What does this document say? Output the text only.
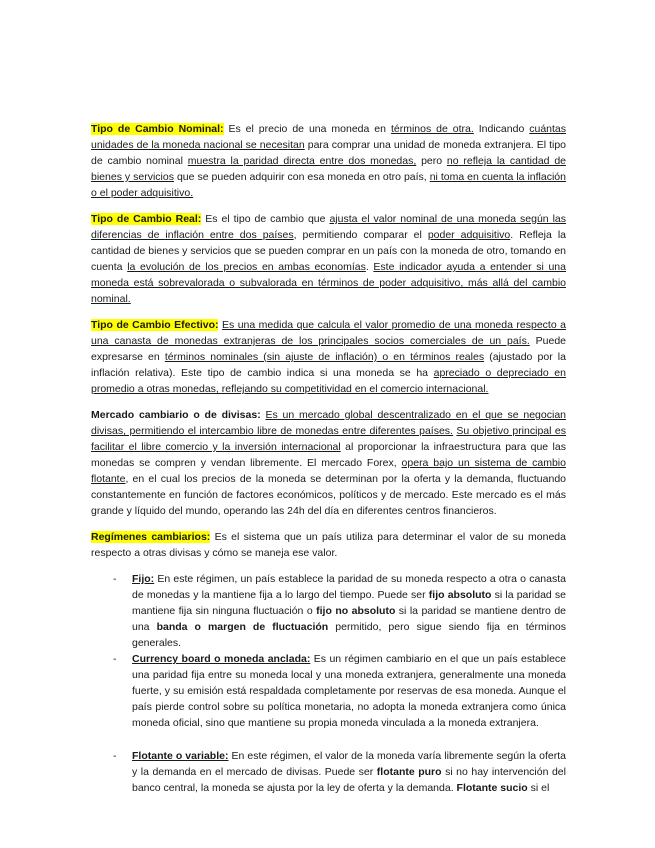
Tipo de Cambio Nominal: Es el precio de una moneda en términos de otra. Indicando cuántas unidades de la moneda nacional se necesitan para comprar una unidad de moneda extranjera. El tipo de cambio nominal muestra la paridad directa entre dos monedas, pero no refleja la cantidad de bienes y servicios que se pueden adquirir con esa moneda en otro país, ni toma en cuenta la inflación o el poder adquisitivo.

Tipo de Cambio Real: Es el tipo de cambio que ajusta el valor nominal de una moneda según las diferencias de inflación entre dos países, permitiendo comparar el poder adquisitivo. Refleja la cantidad de bienes y servicios que se pueden comprar en un país con la moneda de otro, tomando en cuenta la evolución de los precios en ambas economías. Este indicador ayuda a entender si una moneda está sobrevalorada o subvalorada en términos de poder adquisitivo, más allá del cambio nominal.

Tipo de Cambio Efectivo: Es una medida que calcula el valor promedio de una moneda respecto a una canasta de monedas extranjeras de los principales socios comerciales de un país. Puede expresarse en términos nominales (sin ajuste de inflación) o en términos reales (ajustado por la inflación relativa). Este tipo de cambio indica si una moneda se ha apreciado o depreciado en promedio a otras monedas, reflejando su competitividad en el comercio internacional.

Mercado cambiario o de divisas: Es un mercado global descentralizado en el que se negocian divisas, permitiendo el intercambio libre de monedas entre diferentes países. Su objetivo principal es facilitar el libre comercio y la inversión internacional al proporcionar la infraestructura para que las monedas se compren y vendan libremente. El mercado Forex, opera bajo un sistema de cambio flotante, en el cual los precios de la moneda se determinan por la oferta y la demanda, fluctuando constantemente en función de factores económicos, políticos y de mercado. Este mercado es el más grande y líquido del mundo, operando las 24h del día en diferentes centros financieros.

Regímenes cambiarios: Es el sistema que un país utiliza para determinar el valor de su moneda respecto a otras divisas y cómo se maneja ese valor.

- Fijo: En este régimen, un país establece la paridad de su moneda respecto a otra o canasta de monedas y la mantiene fija a lo largo del tiempo. Puede ser fijo absoluto si la paridad se mantiene fija sin ninguna fluctuación o fijo no absoluto si la paridad se mantiene dentro de una banda o margen de fluctuación permitido, pero sigue siendo fija en términos generales.

- Currency board o moneda anclada: Es un régimen cambiario en el que un país establece una paridad fija entre su moneda local y una moneda extranjera, generalmente una moneda fuerte, y su emisión está respaldada completamente por reservas de esa moneda. Aunque el país pierde control sobre su política monetaria, no adopta la moneda extranjera como única moneda oficial, sino que mantiene su propia moneda vinculada a la moneda extranjera.

- Flotante o variable: En este régimen, el valor de la moneda varía libremente según la oferta y la demanda en el mercado de divisas. Puede ser flotante puro si no hay intervención del banco central, la moneda se ajusta por la ley de oferta y la demanda. Flotante sucio si el
